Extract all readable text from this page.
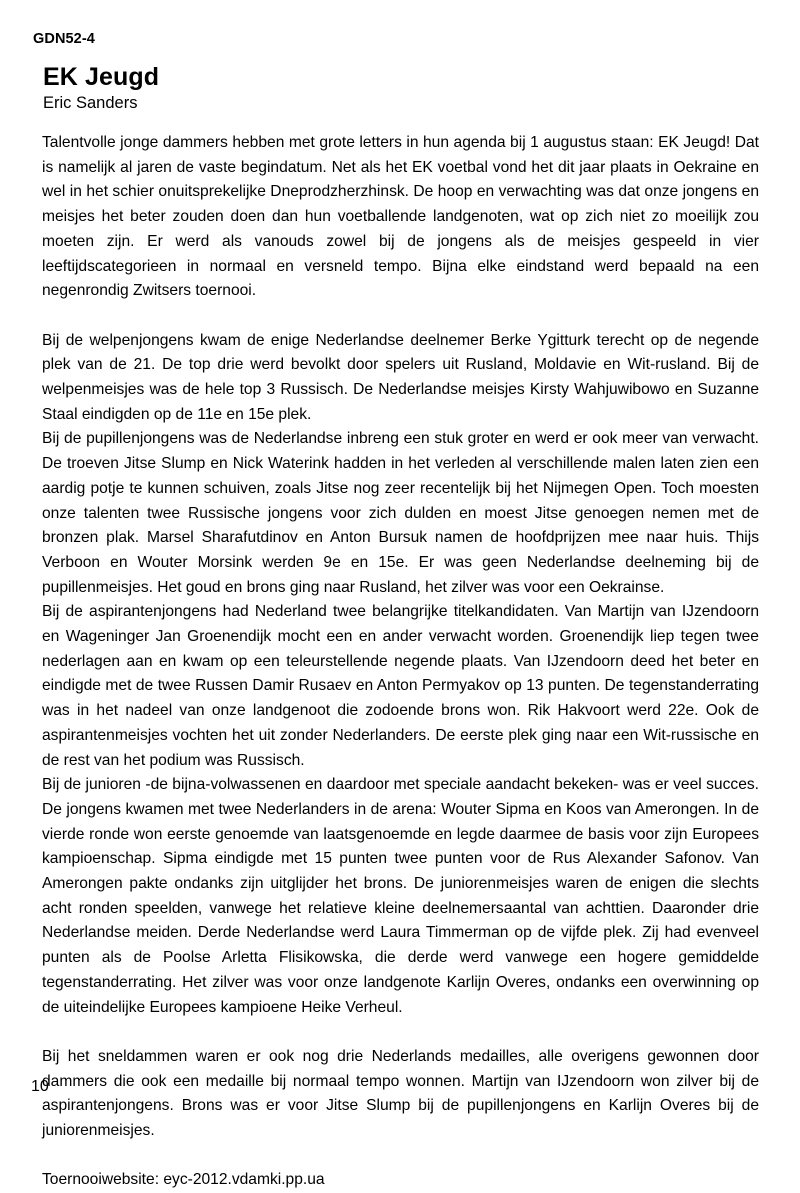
GDN52-4
EK Jeugd
Eric Sanders

Talentvolle jonge dammers hebben met grote letters in hun agenda bij 1 augustus staan: EK Jeugd! Dat is namelijk al jaren de vaste begindatum. Net als het EK voetbal vond het dit jaar plaats in Oekraine en wel in het schier onuitsprekelijke Dneprodzherzhinsk. De hoop en verwachting was dat onze jongens en meisjes het beter zouden doen dan hun voetballende landgenoten, wat op zich niet zo moeilijk zou moeten zijn. Er werd als vanouds zowel bij de jongens als de meisjes gespeeld in vier leeftijdscategorieen in normaal en versneld tempo. Bijna elke eindstand werd bepaald na een negenrondig Zwitsers toernooi.

Bij de welpenjongens kwam de enige Nederlandse deelnemer Berke Ygitturk terecht op de negende plek van de 21. De top drie werd bevolkt door spelers uit Rusland, Moldavie en Wit-rusland. Bij de welpenmeisjes was de hele top 3 Russisch. De Nederlandse meisjes Kirsty Wahjuwibowo en Suzanne Staal eindigden op de 11e en 15e plek.

Bij de pupillenjongens was de Nederlandse inbreng een stuk groter en werd er ook meer van verwacht. De troeven Jitse Slump en Nick Waterink hadden in het verleden al verschillende malen laten zien een aardig potje te kunnen schuiven, zoals Jitse nog zeer recentelijk bij het Nijmegen Open. Toch moesten onze talenten twee Russische jongens voor zich dulden en moest Jitse genoegen nemen met de bronzen plak. Marsel Sharafutdinov en Anton Bursuk namen de hoofdprijzen mee naar huis. Thijs Verboon en Wouter Morsink werden 9e en 15e. Er was geen Nederlandse deelneming bij de pupillenmeisjes. Het goud en brons ging naar Rusland, het zilver was voor een Oekrainse.

Bij de aspirantenjongens had Nederland twee belangrijke titelkandidaten. Van Martijn van IJzendoorn en Wageninger Jan Groenendijk mocht een en ander verwacht worden. Groenendijk liep tegen twee nederlagen aan en kwam op een teleurstellende negende plaats. Van IJzendoorn deed het beter en eindigde met de twee Russen Damir Rusaev en Anton Permyakov op 13 punten. De tegenstanderrating was in het nadeel van onze landgenoot die zodoende brons won. Rik Hakvoort werd 22e. Ook de aspirantenmeisjes vochten het uit zonder Nederlanders. De eerste plek ging naar een Wit-russische en de rest van het podium was Russisch.

Bij de junioren -de bijna-volwassenen en daardoor met speciale aandacht bekeken- was er veel succes. De jongens kwamen met twee Nederlanders in de arena: Wouter Sipma en Koos van Amerongen. In de vierde ronde won eerste genoemde van laatsgenoemde en legde daarmee de basis voor zijn Europees kampioenschap. Sipma eindigde met 15 punten twee punten voor de Rus Alexander Safonov. Van Amerongen pakte ondanks zijn uitglijder het brons. De juniorenmeisjes waren de enigen die slechts acht ronden speelden, vanwege het relatieve kleine deelnemersaantal van achttien. Daaronder drie Nederlandse meiden. Derde Nederlandse werd Laura Timmerman op de vijfde plek. Zij had evenveel punten als de Poolse Arletta Flisikowska, die derde werd vanwege een hogere gemiddelde tegenstanderrating. Het zilver was voor onze landgenote Karlijn Overes, ondanks een overwinning op de uiteindelijke Europees kampioene Heike Verheul.

Bij het sneldammen waren er ook nog drie Nederlands medailles, alle overigens gewonnen door dammers die ook een medaille bij normaal tempo wonnen. Martijn van IJzendoorn won zilver bij de aspirantenjongens. Brons was er voor Jitse Slump bij de pupillenjongens en Karlijn Overes bij de juniorenmeisjes.

Toernooiwebsite: eyc-2012.vdamki.pp.ua

10
